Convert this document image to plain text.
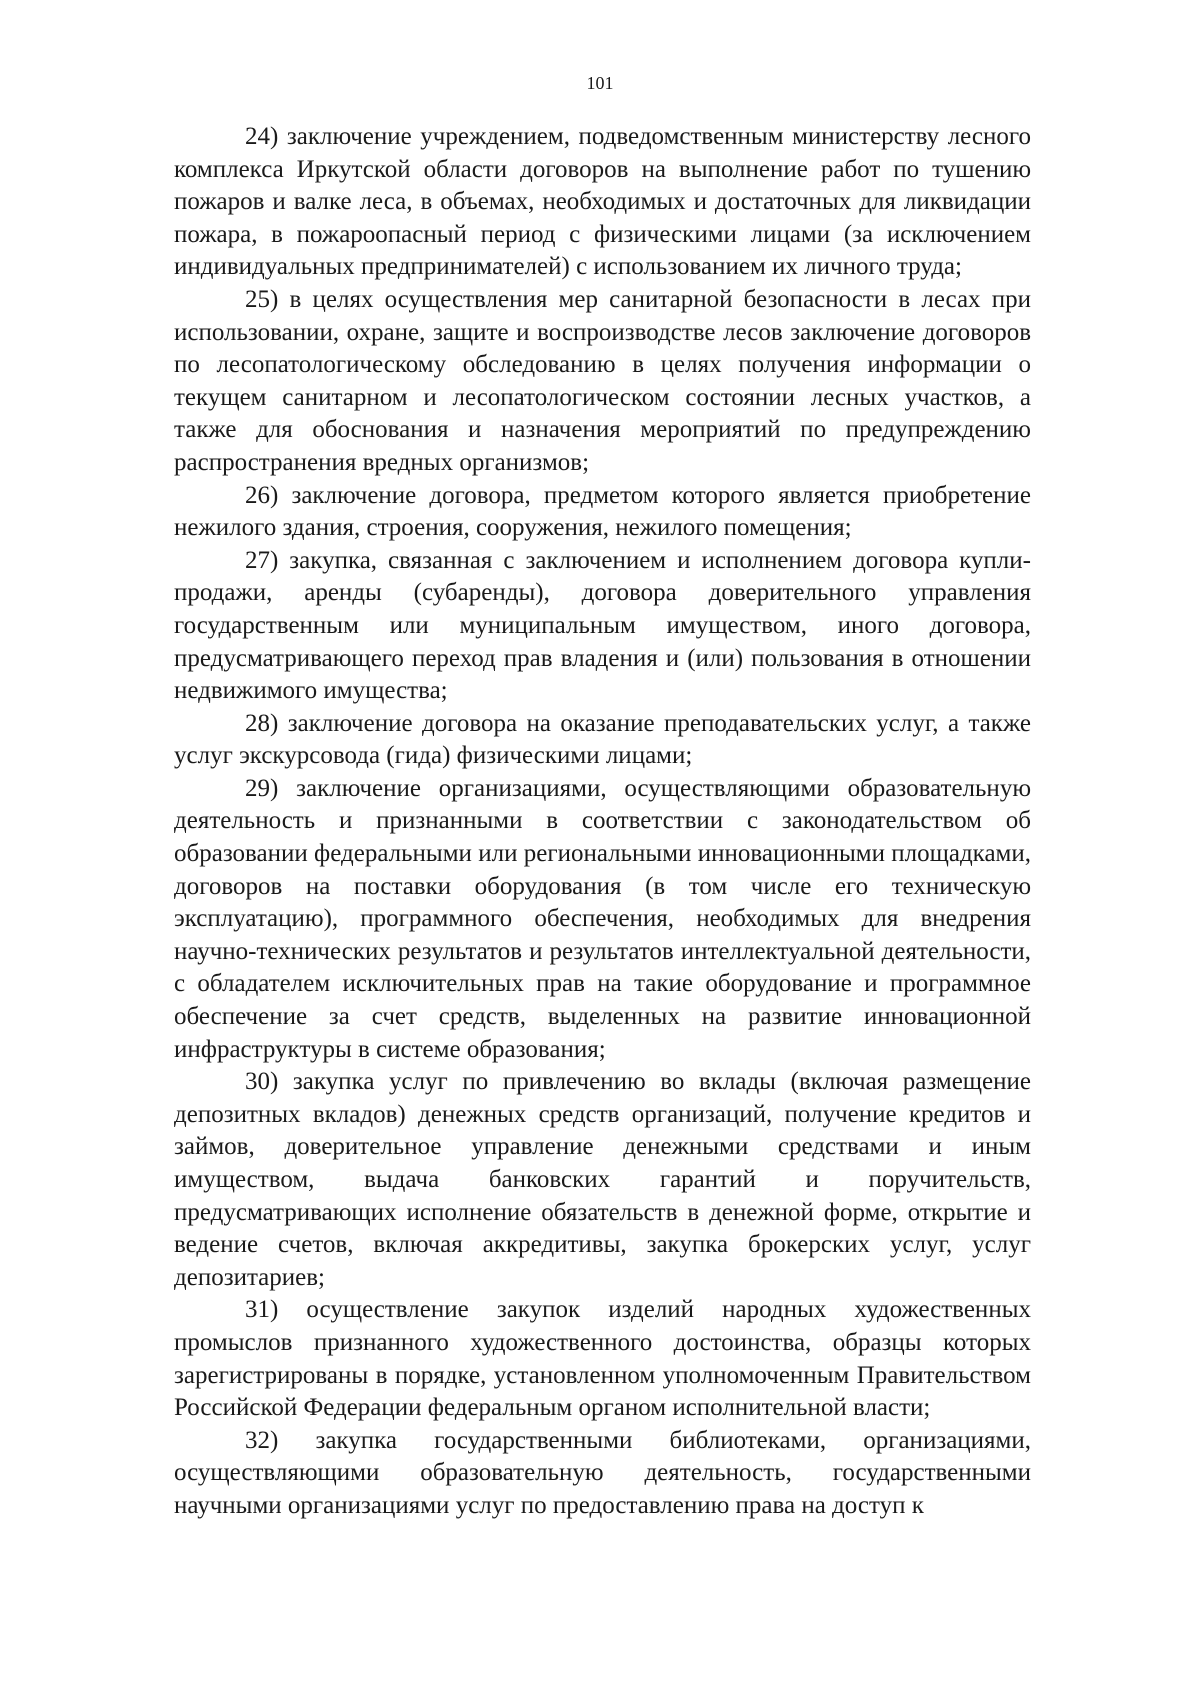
101

24) заключение учреждением, подведомственным министерству лесного комплекса Иркутской области договоров на выполнение работ по тушению пожаров и валке леса, в объемах, необходимых и достаточных для ликвидации пожара, в пожароопасный период с физическими лицами (за исключением индивидуальных предпринимателей) с использованием их личного труда;

25) в целях осуществления мер санитарной безопасности в лесах при использовании, охране, защите и воспроизводстве лесов заключение договоров по лесопатологическому обследованию в целях получения информации о текущем санитарном и лесопатологическом состоянии лесных участков, а также для обоснования и назначения мероприятий по предупреждению распространения вредных организмов;

26) заключение договора, предметом которого является приобретение нежилого здания, строения, сооружения, нежилого помещения;

27) закупка, связанная с заключением и исполнением договора купли-продажи, аренды (субаренды), договора доверительного управления государственным или муниципальным имуществом, иного договора, предусматривающего переход прав владения и (или) пользования в отношении недвижимого имущества;

28) заключение договора на оказание преподавательских услуг, а также услуг экскурсовода (гида) физическими лицами;

29) заключение организациями, осуществляющими образовательную деятельность и признанными в соответствии с законодательством об образовании федеральными или региональными инновационными площадками, договоров на поставки оборудования (в том числе его техническую эксплуатацию), программного обеспечения, необходимых для внедрения научно-технических результатов и результатов интеллектуальной деятельности, с обладателем исключительных прав на такие оборудование и программное обеспечение за счет средств, выделенных на развитие инновационной инфраструктуры в системе образования;

30) закупка услуг по привлечению во вклады (включая размещение депозитных вкладов) денежных средств организаций, получение кредитов и займов, доверительное управление денежными средствами и иным имуществом, выдача банковских гарантий и поручительств, предусматривающих исполнение обязательств в денежной форме, открытие и ведение счетов, включая аккредитивы, закупка брокерских услуг, услуг депозитариев;

31) осуществление закупок изделий народных художественных промыслов признанного художественного достоинства, образцы которых зарегистрированы в порядке, установленном уполномоченным Правительством Российской Федерации федеральным органом исполнительной власти;

32) закупка государственными библиотеками, организациями, осуществляющими образовательную деятельность, государственными научными организациями услуг по предоставлению права на доступ к
